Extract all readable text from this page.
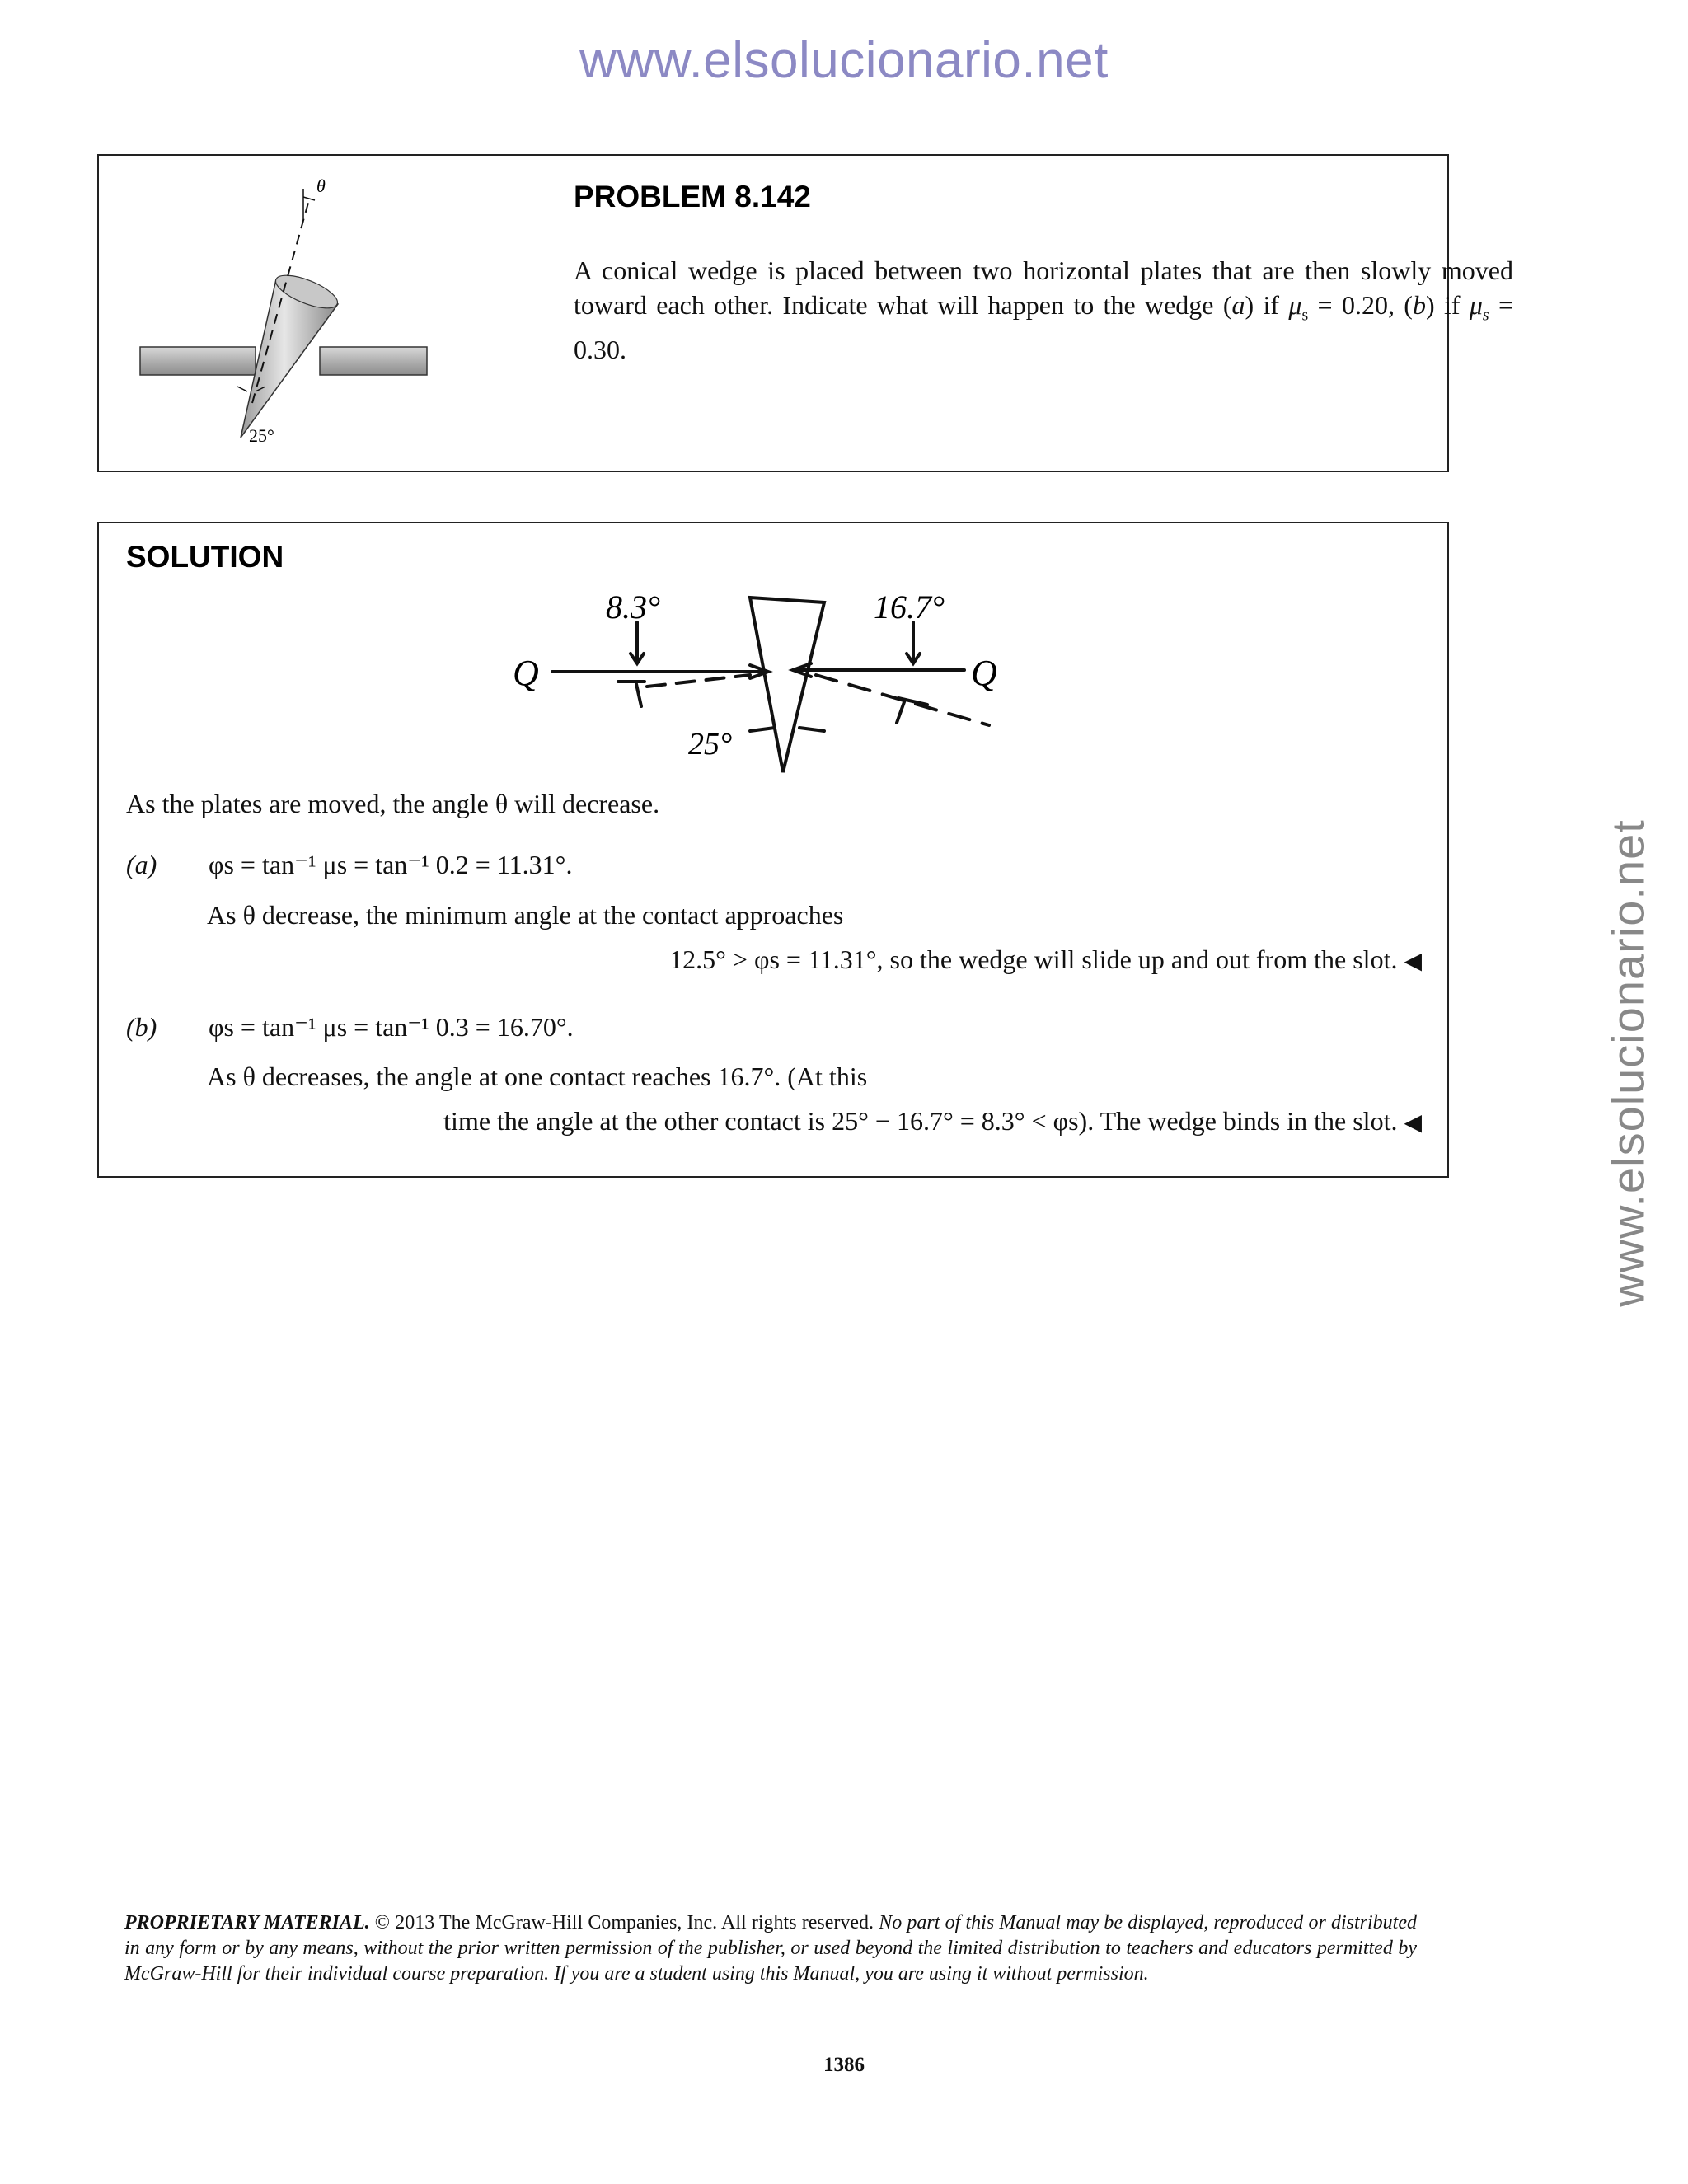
www.elsolucionario.net
www.elsolucionario.net
θ
25°
PROBLEM 8.142
A conical wedge is placed between two horizontal plates that are then slowly moved toward each other. Indicate what will happen to the wedge (a) if $\mu_s = 0.20$, (b) if $\mu_s = 0.30$.
SOLUTION
8.3°	16.7°
Q	Q
25°
As the plates are moved, the angle θ will decrease.
(a) φs = tan⁻¹ μs = tan⁻¹ 0.2 = 11.31°.
As θ decrease, the minimum angle at the contact approaches
12.5° > φs = 11.31°, so the wedge will slide up and out from the slot. ◀
(b) φs = tan⁻¹ μs = tan⁻¹ 0.3 = 16.70°.
As θ decreases, the angle at one contact reaches 16.7°. (At this
time the angle at the other contact is 25° − 16.7° = 8.3° < φs). The wedge binds in the slot. ◀
PROPRIETARY MATERIAL. © 2013 The McGraw-Hill Companies, Inc. All rights reserved. No part of this Manual may be displayed, reproduced or distributed in any form or by any means, without the prior written permission of the publisher, or used beyond the limited distribution to teachers and educators permitted by McGraw-Hill for their individual course preparation. If you are a student using this Manual, you are using it without permission.
1386
